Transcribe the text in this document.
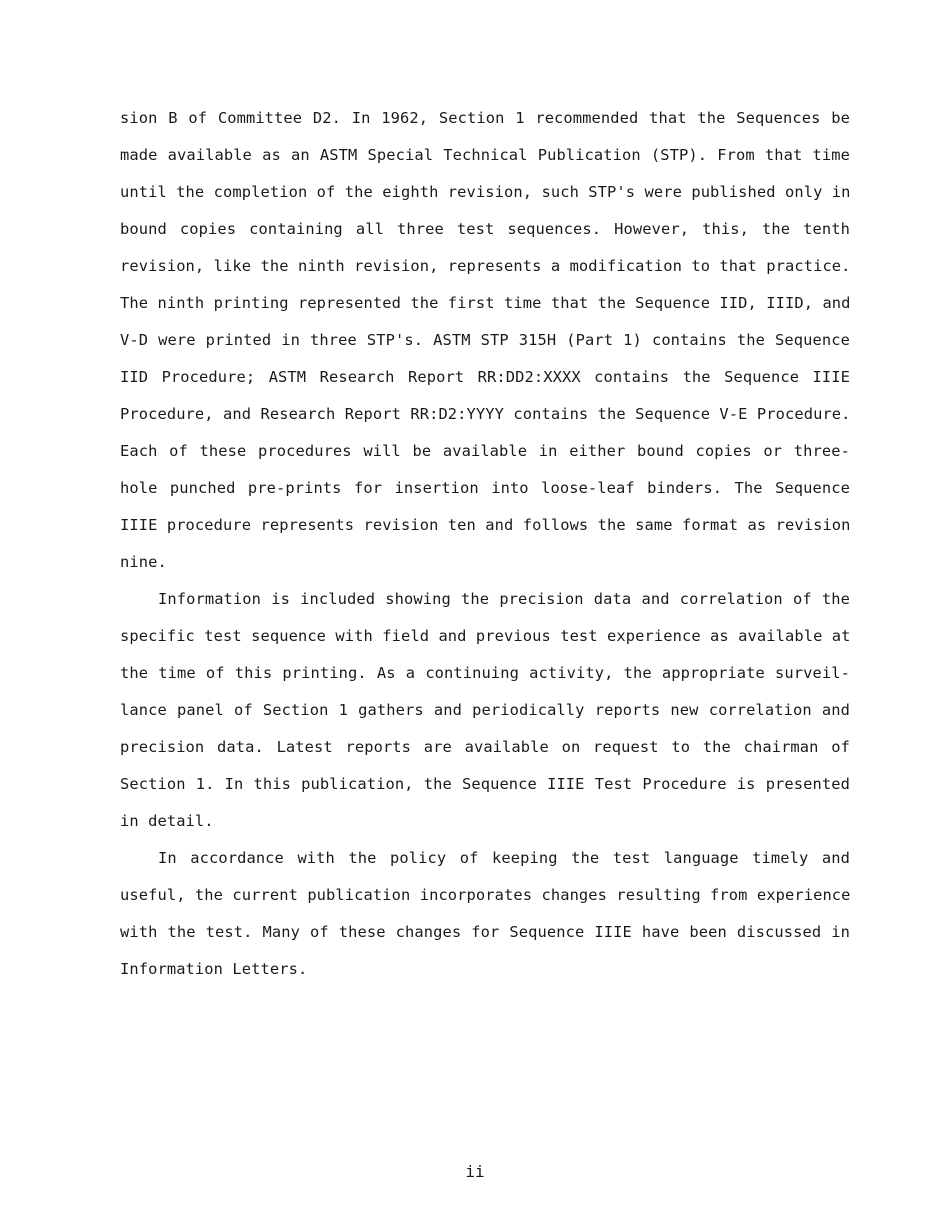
sion B of Committee D2. In 1962, Section 1 recommended that the Sequences be
made available as an ASTM Special Technical Publication (STP). From that time
until the completion of the eighth revision, such STP's were published only in
bound copies containing all three test sequences. However, this, the tenth
revision, like the ninth revision, represents a modification to that practice.
The ninth printing represented the first time that the Sequence IID, IIID, and
V-D were printed in three STP's. ASTM STP 315H (Part 1) contains the Sequence
IID Procedure; ASTM Research Report RR:DD2:XXXX contains the Sequence IIIE
Procedure, and Research Report RR:D2:YYYY contains the Sequence V-E Procedure.
Each of these procedures will be available in either bound copies or three-
hole punched pre-prints for insertion into loose-leaf binders. The Sequence
IIIE procedure represents revision ten and follows the same format as revision
nine.
Information is included showing the precision data and correlation of the
specific test sequence with field and previous test experience as available at
the time of this printing. As a continuing activity, the appropriate surveil-
lance panel of Section 1 gathers and periodically reports new correlation and
precision data. Latest reports are available on request to the chairman of
Section 1. In this publication, the Sequence IIIE Test Procedure is presented
in detail.
In accordance with the policy of keeping the test language timely and
useful, the current publication incorporates changes resulting from experience
with the test. Many of these changes for Sequence IIIE have been discussed in
Information Letters.
ii
